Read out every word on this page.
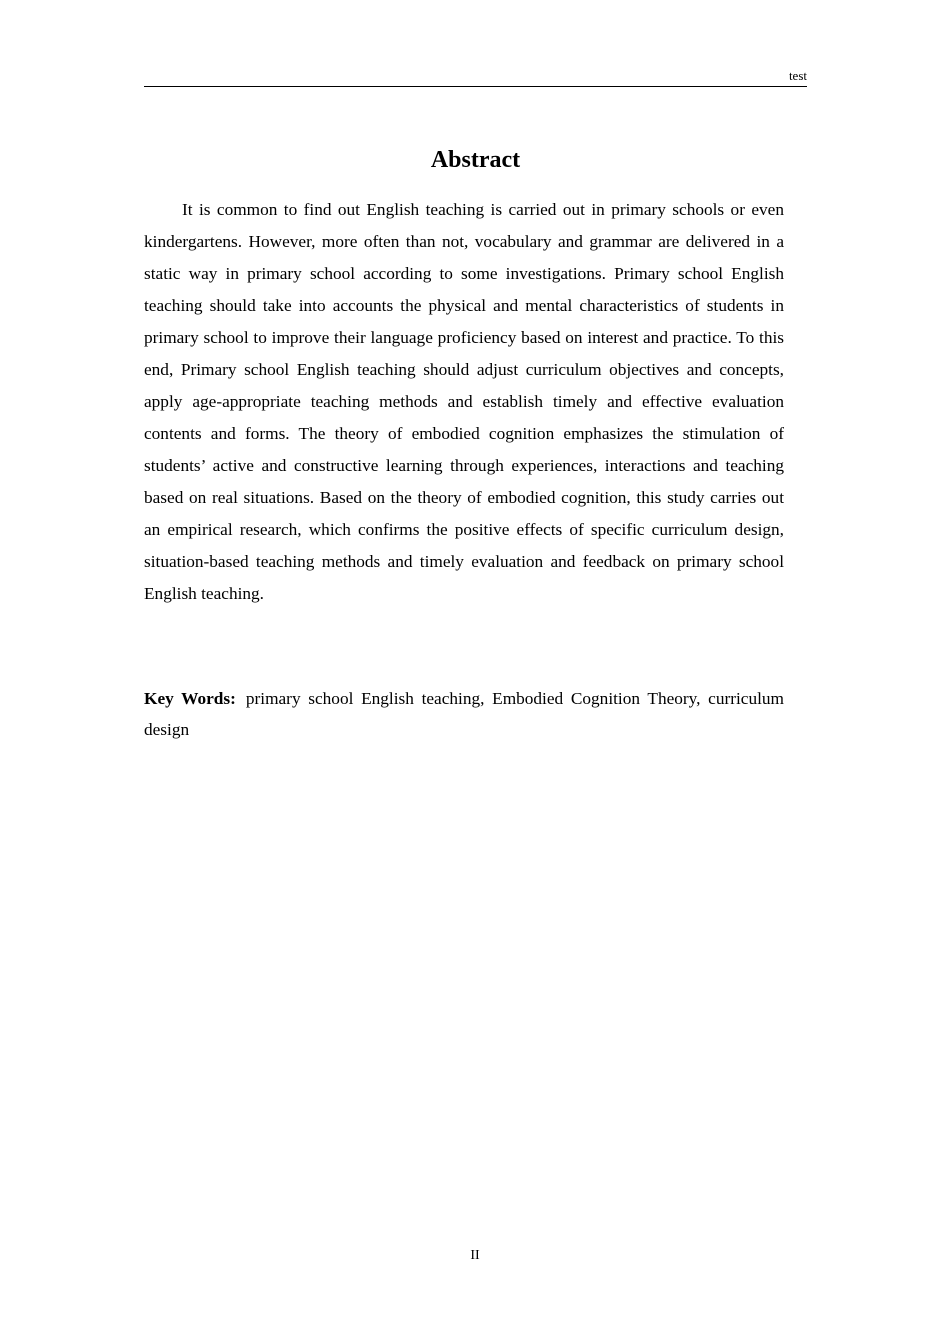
test
Abstract

It is common to find out English teaching is carried out in primary schools or even kindergartens. However, more often than not, vocabulary and grammar are delivered in a static way in primary school according to some investigations. Primary school English teaching should take into accounts the physical and mental characteristics of students in primary school to improve their language proficiency based on interest and practice. To this end, Primary school English teaching should adjust curriculum objectives and concepts, apply age-appropriate teaching methods and establish timely and effective evaluation contents and forms. The theory of embodied cognition emphasizes the stimulation of students’ active and constructive learning through experiences, interactions and teaching based on real situations. Based on the theory of embodied cognition, this study carries out an empirical research, which confirms the positive effects of specific curriculum design, situation-based teaching methods and timely evaluation and feedback on primary school English teaching.

Key Words: primary school English teaching, Embodied Cognition Theory, curriculum design

II
